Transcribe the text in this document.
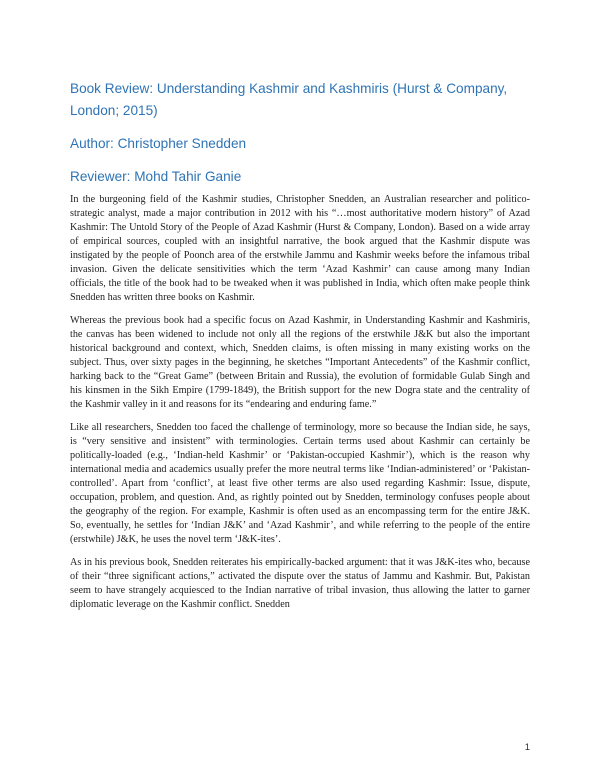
Book Review: Understanding Kashmir and Kashmiris (Hurst & Company, London; 2015)
Author: Christopher Snedden
Reviewer: Mohd Tahir Ganie

In the burgeoning field of the Kashmir studies, Christopher Snedden, an Australian researcher and politico-strategic analyst, made a major contribution in 2012 with his “…most authoritative modern history” of Azad Kashmir: The Untold Story of the People of Azad Kashmir (Hurst & Company, London). Based on a wide array of empirical sources, coupled with an insightful narrative, the book argued that the Kashmir dispute was instigated by the people of Poonch area of the erstwhile Jammu and Kashmir weeks before the infamous tribal invasion. Given the delicate sensitivities which the term ‘Azad Kashmir’ can cause among many Indian officials, the title of the book had to be tweaked when it was published in India, which often make people think Snedden has written three books on Kashmir.

Whereas the previous book had a specific focus on Azad Kashmir, in Understanding Kashmir and Kashmiris, the canvas has been widened to include not only all the regions of the erstwhile J&K but also the important historical background and context, which, Snedden claims, is often missing in many existing works on the subject. Thus, over sixty pages in the beginning, he sketches “Important Antecedents” of the Kashmir conflict, harking back to the “Great Game” (between Britain and Russia), the evolution of formidable Gulab Singh and his kinsmen in the Sikh Empire (1799-1849), the British support for the new Dogra state and the centrality of the Kashmir valley in it and reasons for its “endearing and enduring fame.”

Like all researchers, Snedden too faced the challenge of terminology, more so because the Indian side, he says, is “very sensitive and insistent” with terminologies. Certain terms used about Kashmir can certainly be politically-loaded (e.g., ‘Indian-held Kashmir’ or ‘Pakistan-occupied Kashmir’), which is the reason why international media and academics usually prefer the more neutral terms like ‘Indian-administered’ or ‘Pakistan-controlled’. Apart from ‘conflict’, at least five other terms are also used regarding Kashmir: Issue, dispute, occupation, problem, and question. And, as rightly pointed out by Snedden, terminology confuses people about the geography of the region. For example, Kashmir is often used as an encompassing term for the entire J&K. So, eventually, he settles for ‘Indian J&K’ and ‘Azad Kashmir’, and while referring to the people of the entire (erstwhile) J&K, he uses the novel term ‘J&K-ites’.

As in his previous book, Snedden reiterates his empirically-backed argument: that it was J&K-ites who, because of their “three significant actions,” activated the dispute over the status of Jammu and Kashmir. But, Pakistan seem to have strangely acquiesced to the Indian narrative of tribal invasion, thus allowing the latter to garner diplomatic leverage on the Kashmir conflict. Snedden

1
